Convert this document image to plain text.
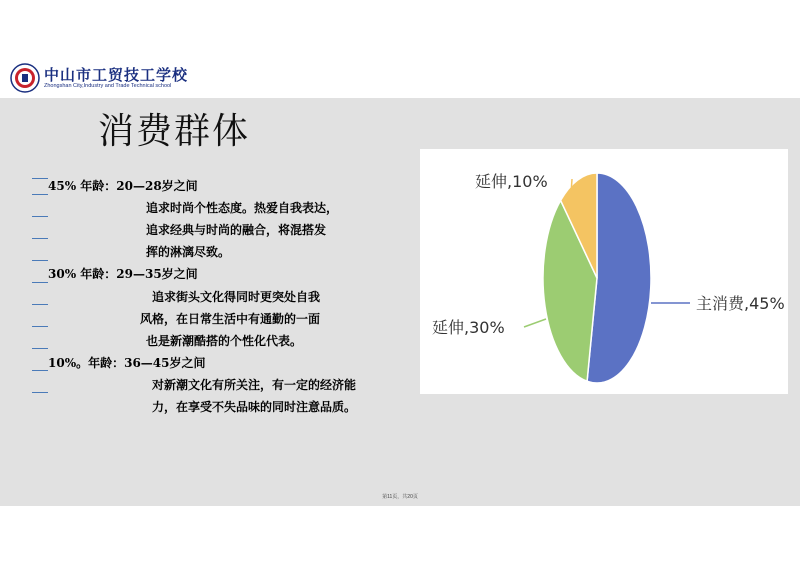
中山市工贸技工学校
Zhongshan City,Industry and Trade Technical school
消费群体
45% 年龄：20—28岁之间
追求时尚个性态度。热爱自我表达，
追求经典与时尚的融合，将混搭发
挥的淋漓尽致。
30% 年龄：29—35岁之间
追求街头文化得同时更突处自我
风格，在日常生活中有通勤的一面
也是新潮酷搭的个性化代表。
10%。年龄：36—45岁之间
对新潮文化有所关注，有一定的经济能
力，在享受不失品味的同时注意品质。
主消费,45%
延伸,30%
延伸,10%
第11页，共20页
